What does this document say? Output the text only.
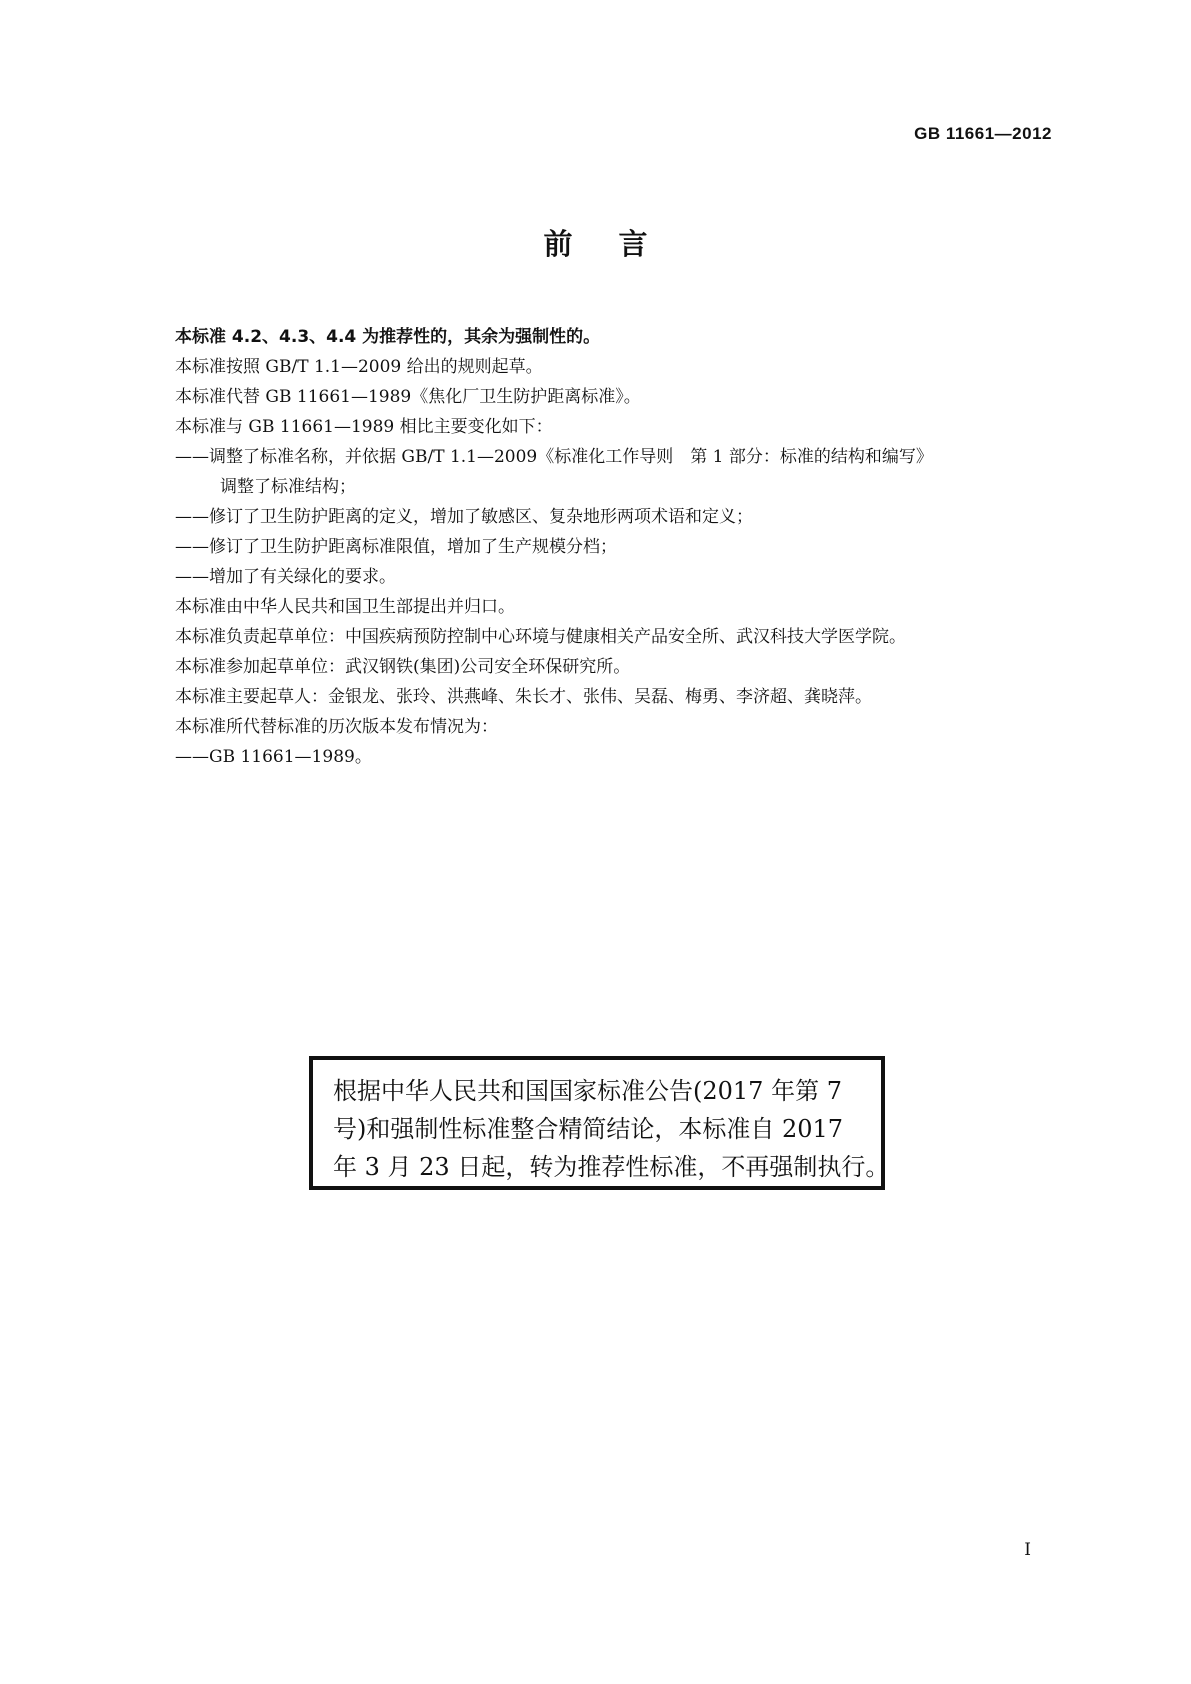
GB 11661—2012
前言
本标准 4.2、4.3、4.4 为推荐性的，其余为强制性的。
本标准按照 GB/T 1.1—2009 给出的规则起草。
本标准代替 GB 11661—1989《焦化厂卫生防护距离标准》。
本标准与 GB 11661—1989 相比主要变化如下：
——调整了标准名称，并依据 GB/T 1.1—2009《标准化工作导则　第 1 部分：标准的结构和编写》
调整了标准结构；
——修订了卫生防护距离的定义，增加了敏感区、复杂地形两项术语和定义；
——修订了卫生防护距离标准限值，增加了生产规模分档；
——增加了有关绿化的要求。
本标准由中华人民共和国卫生部提出并归口。
本标准负责起草单位：中国疾病预防控制中心环境与健康相关产品安全所、武汉科技大学医学院。
本标准参加起草单位：武汉钢铁(集团)公司安全环保研究所。
本标准主要起草人：金银龙、张玲、洪燕峰、朱长才、张伟、吴磊、梅勇、李济超、龚晓萍。
本标准所代替标准的历次版本发布情况为：
——GB 11661—1989。
根据中华人民共和国国家标准公告(2017 年第 7
号)和强制性标准整合精简结论，本标准自 2017
年 3 月 23 日起，转为推荐性标准，不再强制执行。
I
